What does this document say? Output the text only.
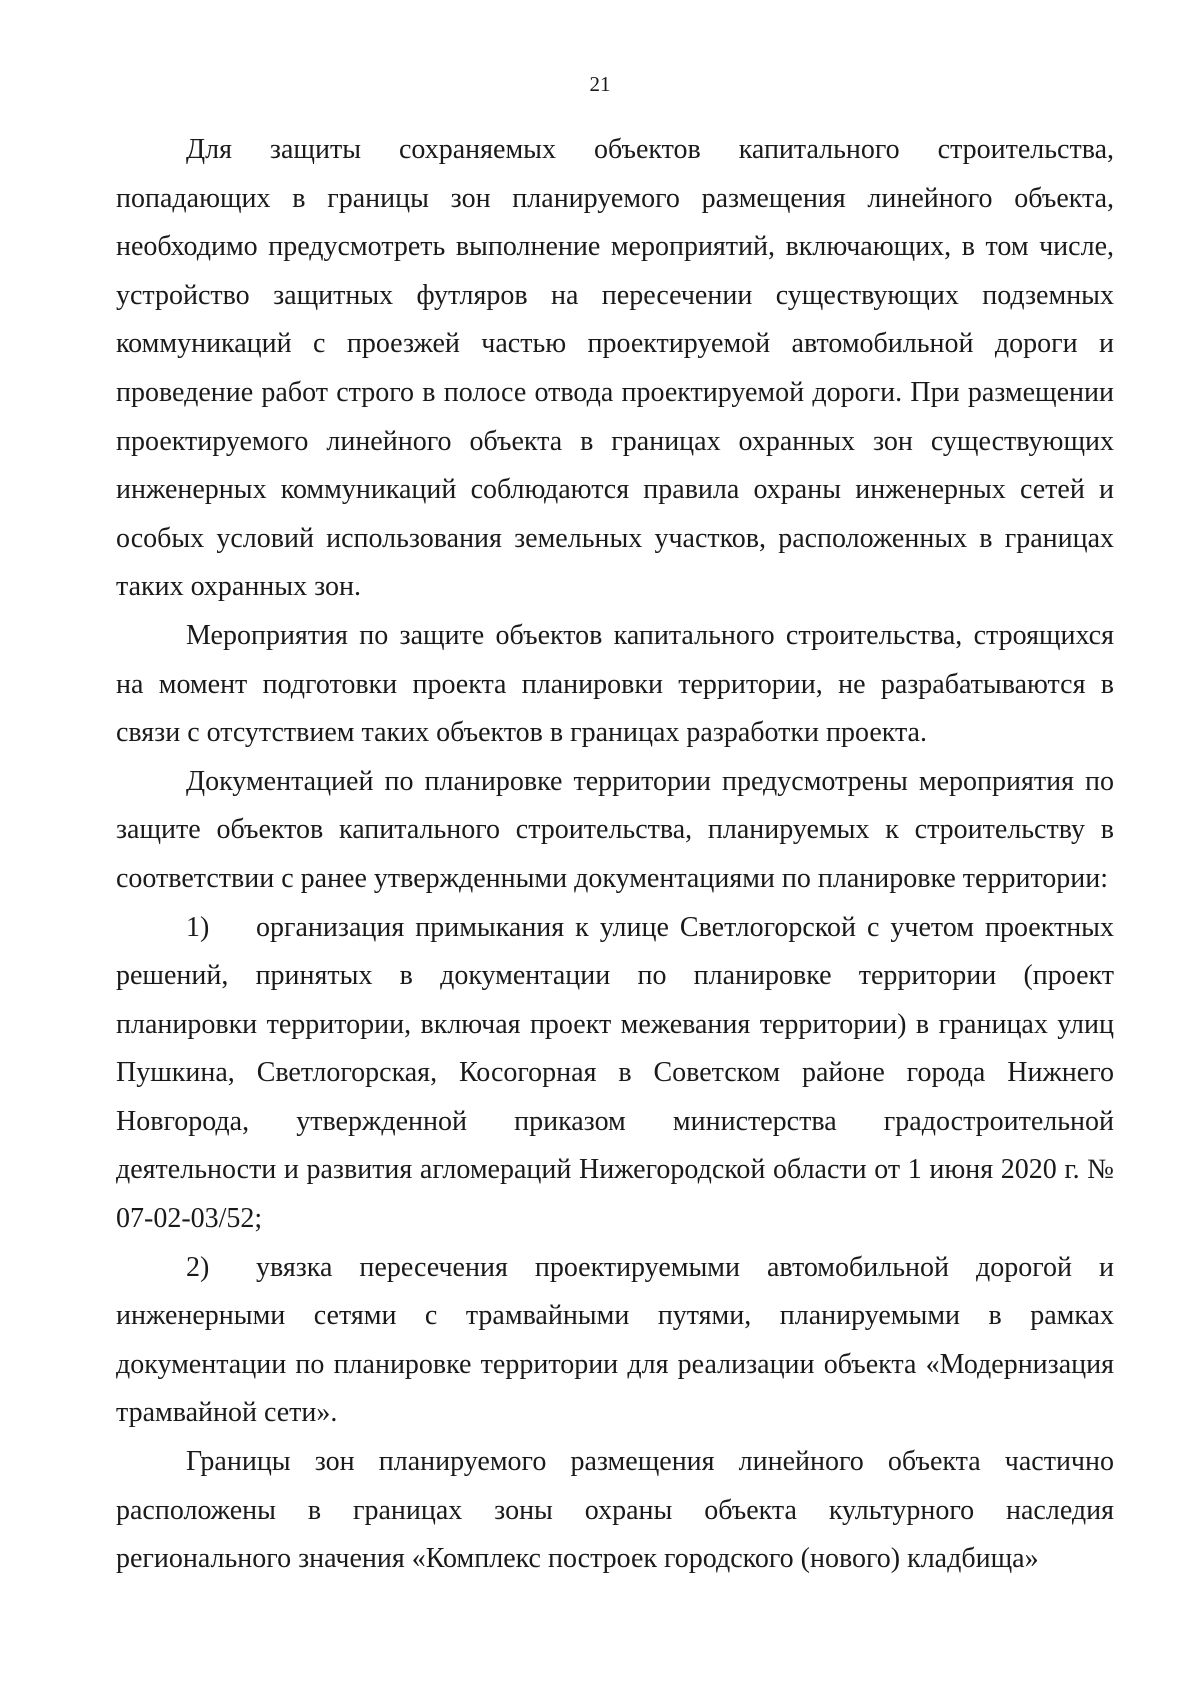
21

Для защиты сохраняемых объектов капитального строительства, попадающих в границы зон планируемого размещения линейного объекта, необходимо предусмотреть выполнение мероприятий, включающих, в том числе, устройство защитных футляров на пересечении существующих подземных коммуникаций с проезжей частью проектируемой автомобильной дороги и проведение работ строго в полосе отвода проектируемой дороги. При размещении проектируемого линейного объекта в границах охранных зон существующих инженерных коммуникаций соблюдаются правила охраны инженерных сетей и особых условий использования земельных участков, расположенных в границах таких охранных зон.

Мероприятия по защите объектов капитального строительства, строящихся на момент подготовки проекта планировки территории, не разрабатываются в связи с отсутствием таких объектов в границах разработки проекта.

Документацией по планировке территории предусмотрены мероприятия по защите объектов капитального строительства, планируемых к строительству в соответствии с ранее утвержденными документациями по планировке территории:

1) организация примыкания к улице Светлогорской с учетом проектных решений, принятых в документации по планировке территории (проект планировки территории, включая проект межевания территории) в границах улиц Пушкина, Светлогорская, Косогорная в Советском районе города Нижнего Новгорода, утвержденной приказом министерства градостроительной деятельности и развития агломераций Нижегородской области от 1 июня 2020 г. № 07-02-03/52;

2) увязка пересечения проектируемыми автомобильной дорогой и инженерными сетями с трамвайными путями, планируемыми в рамках документации по планировке территории для реализации объекта «Модернизация трамвайной сети».

Границы зон планируемого размещения линейного объекта частично расположены в границах зоны охраны объекта культурного наследия регионального значения «Комплекс построек городского (нового) кладбища»
